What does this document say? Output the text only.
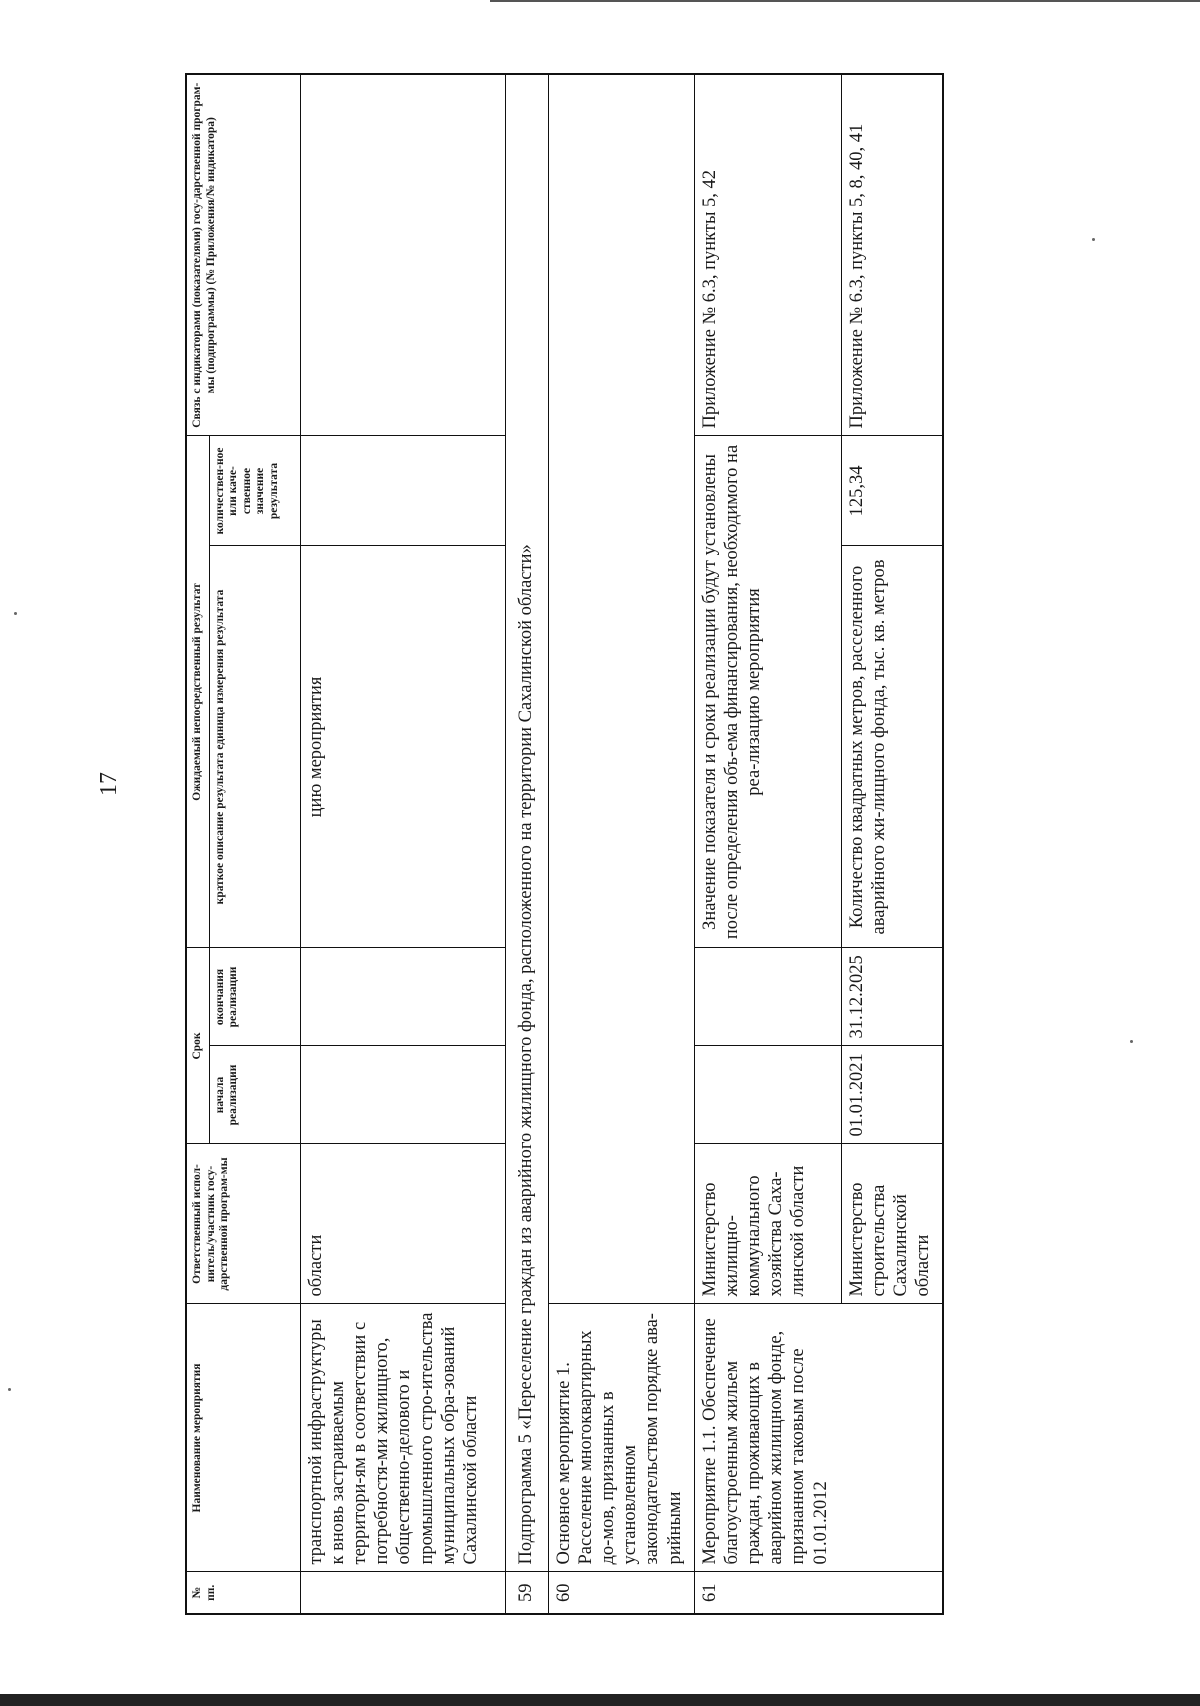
17
№ пп.	Наименование мероприятия	Ответственный испол-нитель/участник госу-дарственной програм-мы	Срок		Ожидаемый непосредственный результат		Связь с индикаторами (показателями) госу-дарственной програм-мы (подпрограммы) (№ Приложения/№ индикатора)
			начала реализации	окончания реализации	краткое описание результата единица измерения результата	количествен-ное или каче-ственное значение результата	
	транспортной инфраструктуры к вновь застраиваемым территори-ям в соответствии с потребностя-ми жилищного, общественно-делового и промышленного стро-ительства муниципальных обра-зований Сахалинской области	области			цию мероприятия		
59	Подпрограмма 5 «Переселение граждан из аварийного жилищного фонда, расположенного на территории Сахалинской области»						
60	Основное мероприятие 1. Расселение многоквартирных до-мов, признанных в установленном законодательством порядке ава-рийными						
61	Мероприятие 1.1. Обеспечение благоустроенным жильем граждан, проживающих в аварийном жилищном фонде, признанном таковым после 01.01.2012	Министерство жилищно-коммунального хозяйства Саха-линской области			Значение показателя и сроки реализации будут установлены после определения объ-ема финансирования, необходимого на реа-лизацию мероприятия		Приложение № 6.3, пункты 5, 42
		Министерство строительства Сахалинской области	01.01.2021	31.12.2025	Количество квадратных метров, расселенного аварийного жи-лищного фонда, тыс. кв. метров	125,34	Приложение № 6.3, пункты 5, 8, 40, 41
